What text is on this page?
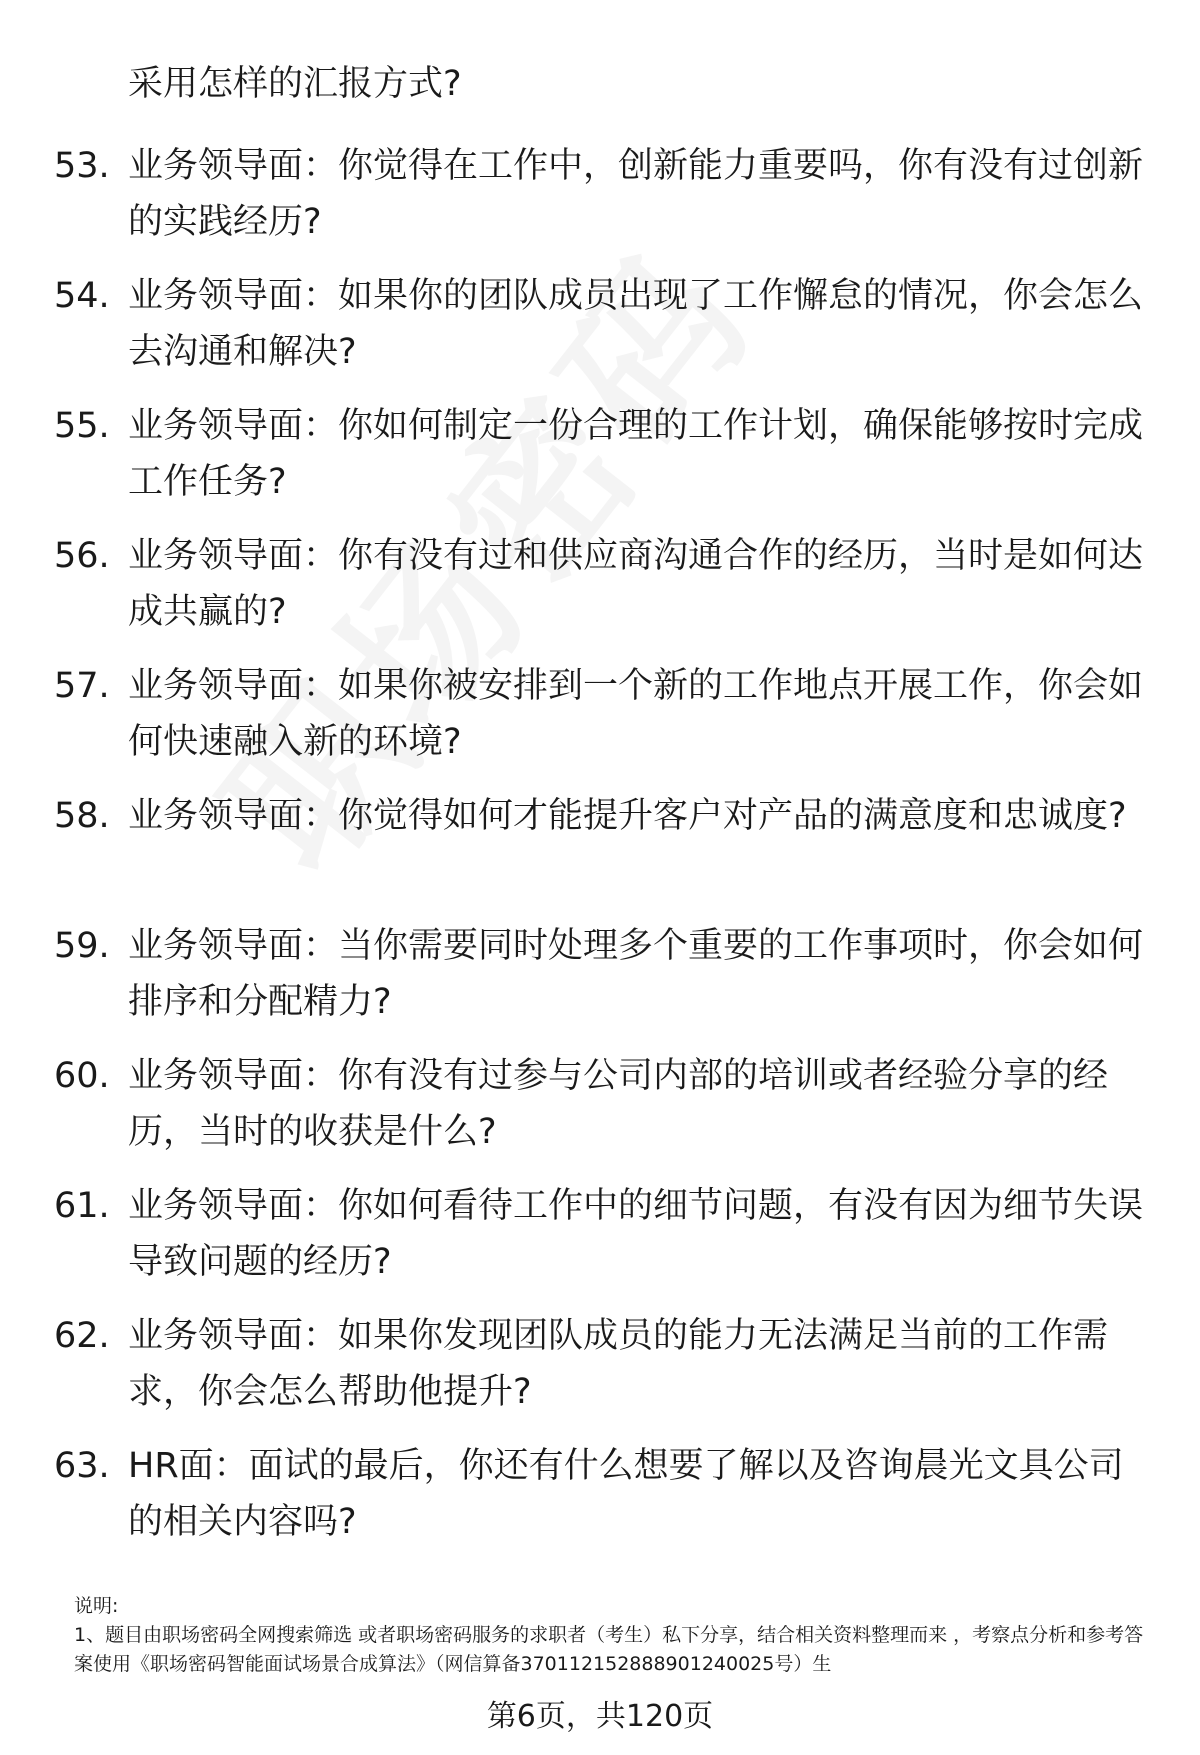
采用怎样的汇报方式?
53. 业务领导面：你觉得在工作中，创新能力重要吗，你有没有过创新的实践经历?
54. 业务领导面：如果你的团队成员出现了工作懈怠的情况，你会怎么去沟通和解决?
55. 业务领导面：你如何制定一份合理的工作计划，确保能够按时完成工作任务?
56. 业务领导面：你有没有过和供应商沟通合作的经历，当时是如何达成共赢的?
57. 业务领导面：如果你被安排到一个新的工作地点开展工作，你会如何快速融入新的环境?
58. 业务领导面：你觉得如何才能提升客户对产品的满意度和忠诚度?
59. 业务领导面：当你需要同时处理多个重要的工作事项时，你会如何排序和分配精力?
60. 业务领导面：你有没有过参与公司内部的培训或者经验分享的经历，当时的收获是什么?
61. 业务领导面：你如何看待工作中的细节问题，有没有因为细节失误导致问题的经历?
62. 业务领导面：如果你发现团队成员的能力无法满足当前的工作需求，你会怎么帮助他提升?
63. HR面：面试的最后，你还有什么想要了解以及咨询晨光文具公司的相关内容吗?
说明:
1、题目由职场密码全网搜索筛选 或者职场密码服务的求职者（考生）私下分享，结合相关资料整理而来 ，考察点分析和参考答案使用《职场密码智能面试场景合成算法》（网信算备370112152888901240025号）生
第6页，共120页
